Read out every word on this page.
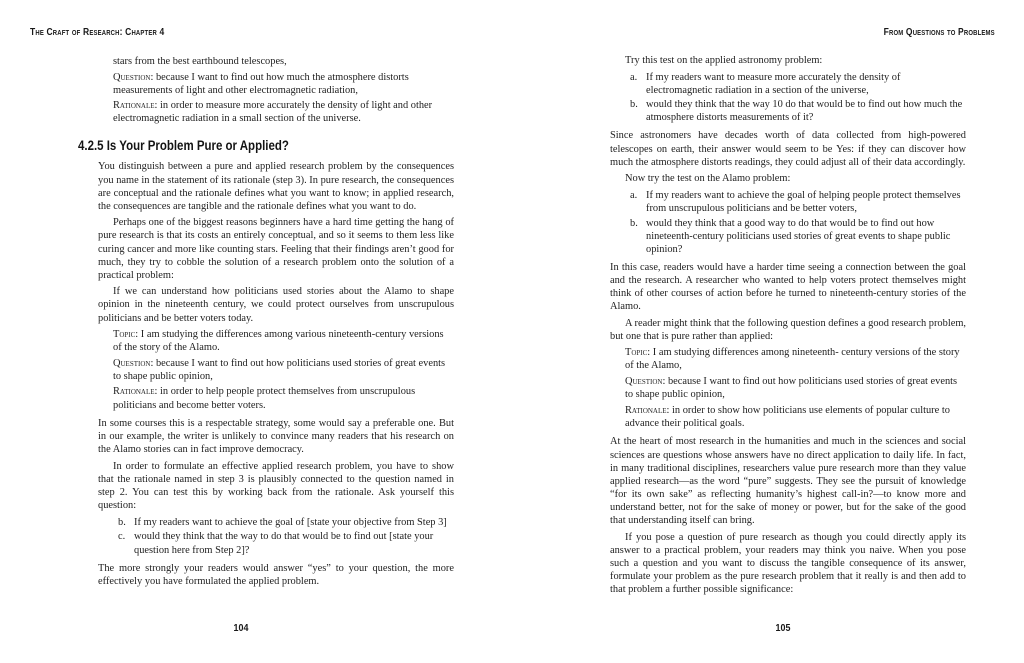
The Craft of Research: Chapter 4	From Questions to Problems

stars from the best earthbound telescopes,

Question : because I want to find out how much the atmosphere distorts measurements of light and other electromagnetic radiation,

Rationale : in order to measure more accurately the density of light and other electromagnetic radiation in a small section of the universe.

4.2.5 Is Your Problem Pure or Applied?

You distinguish between a pure and applied research problem by the consequences you name in the statement of its rationale (step 3). In pure research, the consequences are conceptual and the rationale defines what you want to know; in applied research, the consequences are tangible and the rationale defines what you want to do.

Perhaps one of the biggest reasons beginners have a hard time getting the hang of pure research is that its costs an entirely conceptual, and so it seems to them less like curing cancer and more like counting stars. Feeling that their findings aren’t good for much, they try to cobble the solution of a research problem onto the solution of a practical problem:

If we can understand how politicians used stories about the Alamo to shape opinion in the nineteenth century, we could protect ourselves from unscrupulous politicians and be better voters today.

Topic : I am studying the differences among various nineteenth-century versions of the story of the Alamo.

Question : because I want to find out how politicians used stories of great events to shape public opinion,

Rationale : in order to help people protect themselves from unscrupulous politicians and become better voters.

In some courses this is a respectable strategy, some would say a preferable one. But in our example, the writer is unlikely to convince many readers that his research on the Alamo stories can in fact improve democracy.

In order to formulate an effective applied research problem, you have to show that the rationale named in step 3 is plausibly connected to the question named in step 2. You can test this by working back from the rationale. Ask yourself this question:

b. If my readers want to achieve the goal of [state your objective from Step 3]
c. would they think that the way to do that would be to find out [state your question here from Step 2]?

The more strongly your readers would answer “yes” to your question, the more effectively you have formulated the applied problem.

Try this test on the applied astronomy problem:

a. If my readers want to measure more accurately the density of electromagnetic radiation in a section of the universe,
b. would they think that the way 10 do that would be to find out how much the atmosphere distorts measurements of it?

Since astronomers have decades worth of data collected from high-powered telescopes on earth, their answer would seem to be Yes: if they can discover how much the atmosphere distorts readings, they could adjust all of their data accordingly.

Now try the test on the Alamo problem:

a. If my readers want to achieve the goal of helping people protect themselves from unscrupulous politicians and be better voters,
b. would they think that a good way to do that would be to find out how nineteenth-century politicians used stories of great events to shape public opinion?

In this case, readers would have a harder time seeing a connection between the goal and the research. A researcher who wanted to help voters protect themselves might think of other courses of action before he turned to nineteenth-century stories of the Alamo.

A reader might think that the following question defines a good research problem, but one that is pure rather than applied:

Topic : I am studying differences among nineteenth- century versions of the story of the Alamo,

Question : because I want to find out how politicians used stories of great events to shape public opinion,

Rationale : in order to show how politicians use elements of popular culture to advance their political goals.

At the heart of most research in the humanities and much in the sciences and social sciences are questions whose answers have no direct application to daily life. In fact, in many traditional disciplines, researchers value pure research more than they value applied research—as the word “pure” suggests. They see the pursuit of knowledge “for its own sake” as reflecting humanity’s highest call-in?—to know more and understand better, not for the sake of money or power, but for the sake of the good that understanding itself can bring.

If you pose a question of pure research as though you could directly apply its answer to a practical problem, your readers may think you naive. When you pose such a question and you want to discuss the tangible consequence of its answer, formulate your problem as the pure research problem that it really is and then add to that problem a further possible significance:

104	105
